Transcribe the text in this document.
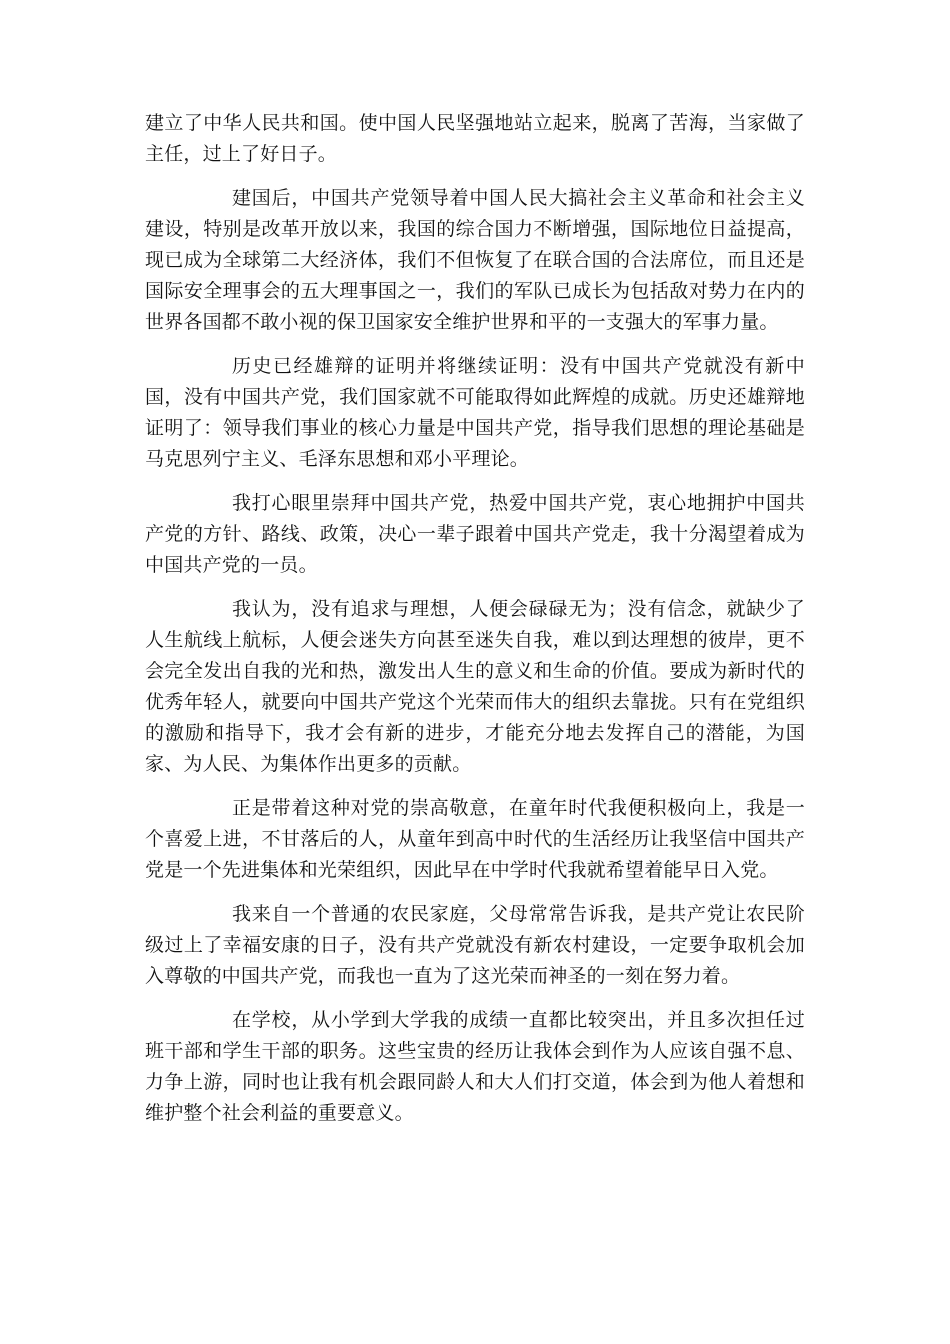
建立了中华人民共和国。使中国人民坚强地站立起来，脱离了苦海，当家做了主任，过上了好日子。

建国后，中国共产党领导着中国人民大搞社会主义革命和社会主义建设，特别是改革开放以来，我国的综合国力不断增强，国际地位日益提高，现已成为全球第二大经济体，我们不但恢复了在联合国的合法席位，而且还是国际安全理事会的五大理事国之一，我们的军队已成长为包括敌对势力在内的世界各国都不敢小视的保卫国家安全维护世界和平的一支强大的军事力量。

历史已经雄辩的证明并将继续证明：没有中国共产党就没有新中国，没有中国共产党，我们国家就不可能取得如此辉煌的成就。历史还雄辩地证明了：领导我们事业的核心力量是中国共产党，指导我们思想的理论基础是马克思列宁主义、毛泽东思想和邓小平理论。

我打心眼里崇拜中国共产党，热爱中国共产党，衷心地拥护中国共产党的方针、路线、政策，决心一辈子跟着中国共产党走，我十分渴望着成为中国共产党的一员。

我认为，没有追求与理想，人便会碌碌无为；没有信念，就缺少了人生航线上航标，人便会迷失方向甚至迷失自我，难以到达理想的彼岸，更不会完全发出自我的光和热，激发出人生的意义和生命的价值。要成为新时代的优秀年轻人，就要向中国共产党这个光荣而伟大的组织去靠拢。只有在党组织的激励和指导下，我才会有新的进步，才能充分地去发挥自己的潜能，为国家、为人民、为集体作出更多的贡献。

正是带着这种对党的崇高敬意，在童年时代我便积极向上，我是一个喜爱上进，不甘落后的人，从童年到高中时代的生活经历让我坚信中国共产党是一个先进集体和光荣组织，因此早在中学时代我就希望着能早日入党。

我来自一个普通的农民家庭，父母常常告诉我，是共产党让农民阶级过上了幸福安康的日子，没有共产党就没有新农村建设，一定要争取机会加入尊敬的中国共产党，而我也一直为了这光荣而神圣的一刻在努力着。

在学校，从小学到大学我的成绩一直都比较突出，并且多次担任过班干部和学生干部的职务。这些宝贵的经历让我体会到作为人应该自强不息、力争上游，同时也让我有机会跟同龄人和大人们打交道，体会到为他人着想和维护整个社会利益的重要意义。
